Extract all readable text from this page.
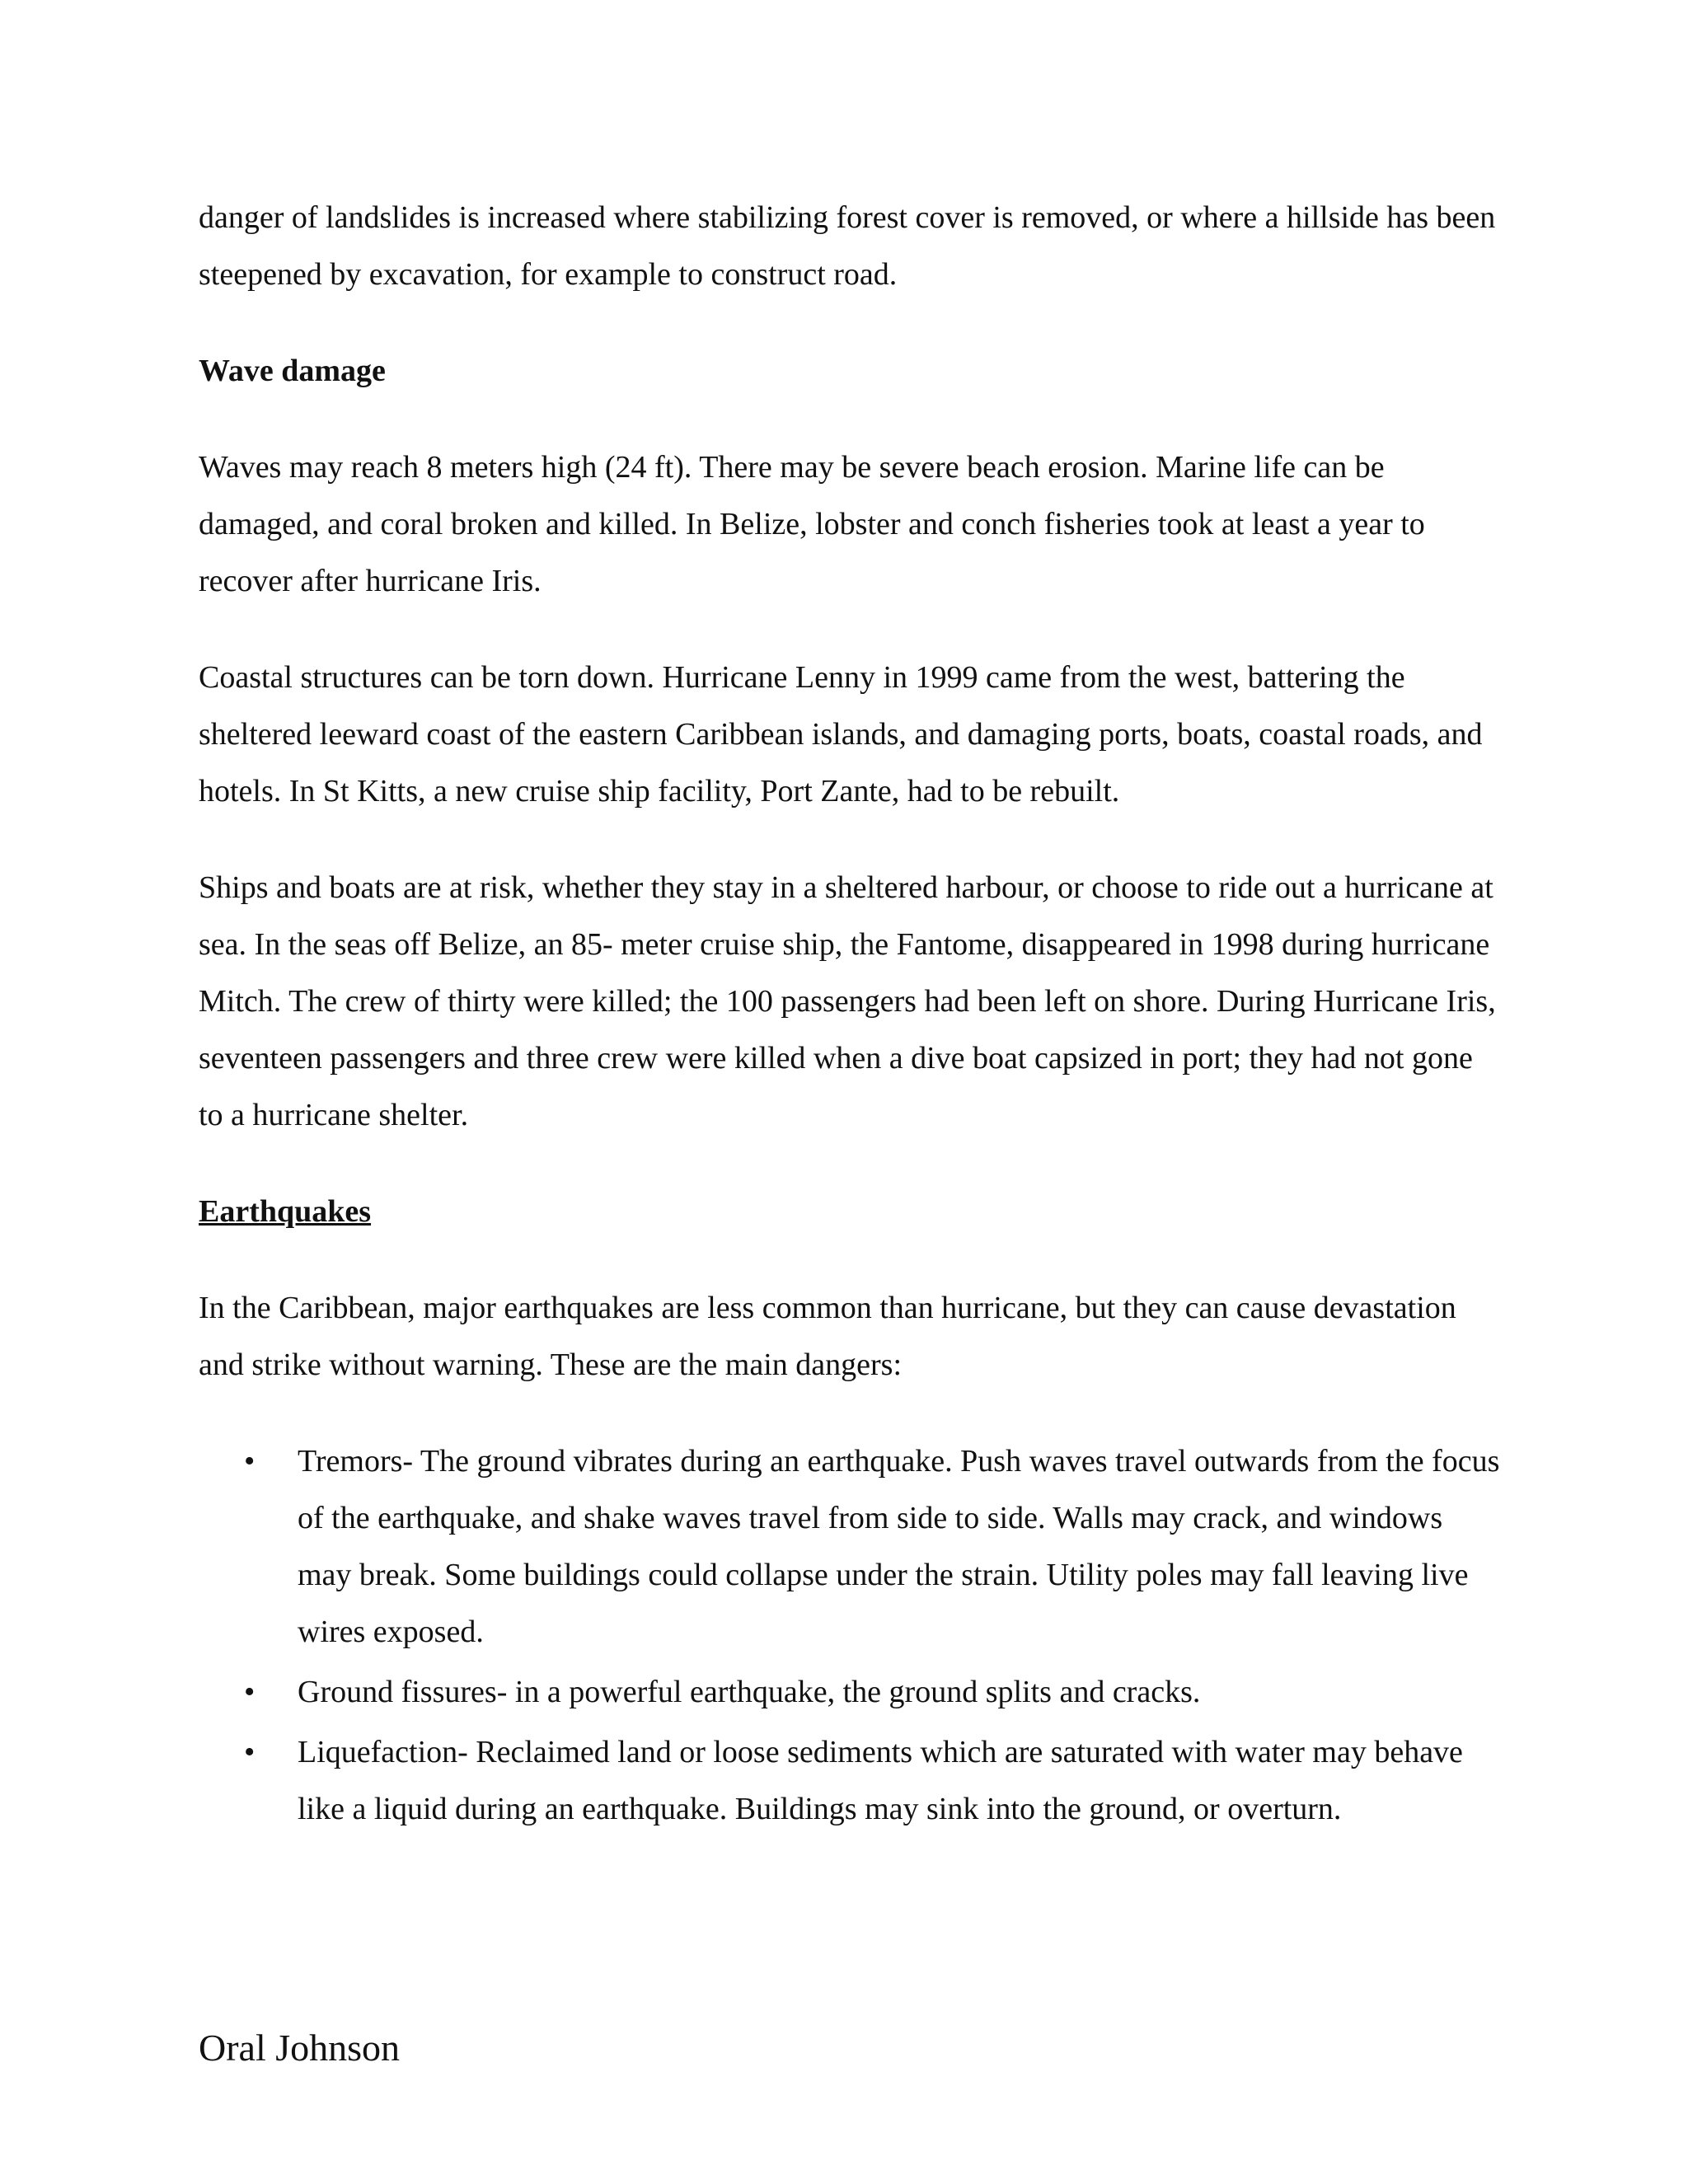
danger of landslides is increased where stabilizing forest cover is removed, or where a hillside has been steepened by excavation, for example to construct road.

Wave damage

Waves may reach 8 meters high (24 ft). There may be severe beach erosion. Marine life can be damaged, and coral broken and killed. In Belize, lobster and conch fisheries took at least a year to recover after hurricane Iris.

Coastal structures can be torn down. Hurricane Lenny in 1999 came from the west, battering the sheltered leeward coast of the eastern Caribbean islands, and damaging ports, boats, coastal roads, and hotels. In St Kitts, a new cruise ship facility, Port Zante, had to be rebuilt.

Ships and boats are at risk, whether they stay in a sheltered harbour, or choose to ride out a hurricane at sea. In the seas off Belize, an 85- meter cruise ship, the Fantome, disappeared in 1998 during hurricane Mitch. The crew of thirty were killed; the 100 passengers had been left on shore. During Hurricane Iris, seventeen passengers and three crew were killed when a dive boat capsized in port; they had not gone to a hurricane shelter.

Earthquakes

In the Caribbean, major earthquakes are less common than hurricane, but they can cause devastation and strike without warning. These are the main dangers:

• Tremors- The ground vibrates during an earthquake. Push waves travel outwards from the focus of the earthquake, and shake waves travel from side to side. Walls may crack, and windows may break. Some buildings could collapse under the strain. Utility poles may fall leaving live wires exposed.
• Ground fissures- in a powerful earthquake, the ground splits and cracks.
• Liquefaction- Reclaimed land or loose sediments which are saturated with water may behave like a liquid during an earthquake. Buildings may sink into the ground, or overturn.
Oral Johnson
